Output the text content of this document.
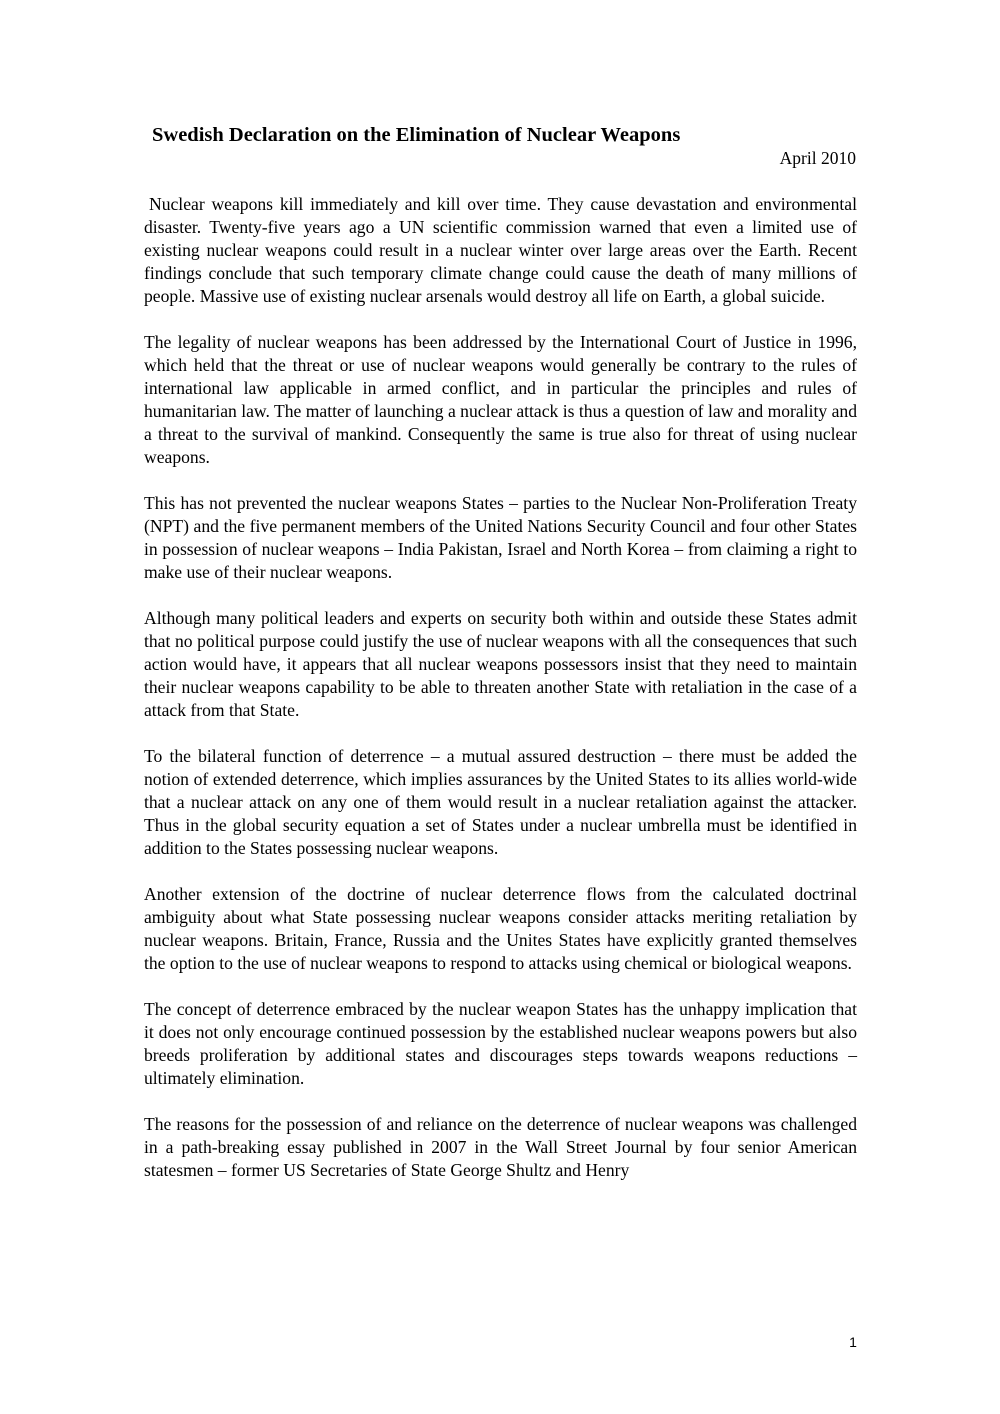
Swedish Declaration on the Elimination of Nuclear Weapons
April 2010

Nuclear weapons kill immediately and kill over time. They cause devastation and environmental disaster. Twenty-five years ago a UN scientific commission warned that even a limited use of existing nuclear weapons could result in a nuclear winter over large areas over the Earth. Recent findings conclude that such temporary climate change could cause the death of many millions of people. Massive use of existing nuclear arsenals would destroy all life on Earth, a global suicide.

The legality of nuclear weapons has been addressed by the International Court of Justice in 1996, which held that the threat or use of nuclear weapons would generally be contrary to the rules of international law applicable in armed conflict, and in particular the principles and rules of humanitarian law. The matter of launching a nuclear attack is thus a question of law and morality and a threat to the survival of mankind. Consequently the same is true also for threat of using nuclear weapons.

This has not prevented the nuclear weapons States – parties to the Nuclear Non-Proliferation Treaty (NPT) and the five permanent members of the United Nations Security Council and four other States in possession of nuclear weapons – India Pakistan, Israel and North Korea – from claiming a right to make use of their nuclear weapons.

Although many political leaders and experts on security both within and outside these States admit that no political purpose could justify the use of nuclear weapons with all the consequences that such action would have, it appears that all nuclear weapons possessors insist that they need to maintain their nuclear weapons capability to be able to threaten another State with retaliation in the case of a attack from that State.

To the bilateral function of deterrence – a mutual assured destruction – there must be added the notion of extended deterrence, which implies assurances by the United States to its allies world-wide that a nuclear attack on any one of them would result in a nuclear retaliation against the attacker. Thus in the global security equation a set of States under a nuclear umbrella must be identified in addition to the States possessing nuclear weapons.

Another extension of the doctrine of nuclear deterrence flows from the calculated doctrinal ambiguity about what State possessing nuclear weapons consider attacks meriting retaliation by nuclear weapons. Britain, France, Russia and the Unites States have explicitly granted themselves the option to the use of nuclear weapons to respond to attacks using chemical or biological weapons.

The concept of deterrence embraced by the nuclear weapon States has the unhappy implication that it does not only encourage continued possession by the established nuclear weapons powers but also breeds proliferation by additional states and discourages steps towards weapons reductions – ultimately elimination.

The reasons for the possession of and reliance on the deterrence of nuclear weapons was challenged in a path-breaking essay published in 2007 in the Wall Street Journal by four senior American statesmen – former US Secretaries of State George Shultz and Henry

1
